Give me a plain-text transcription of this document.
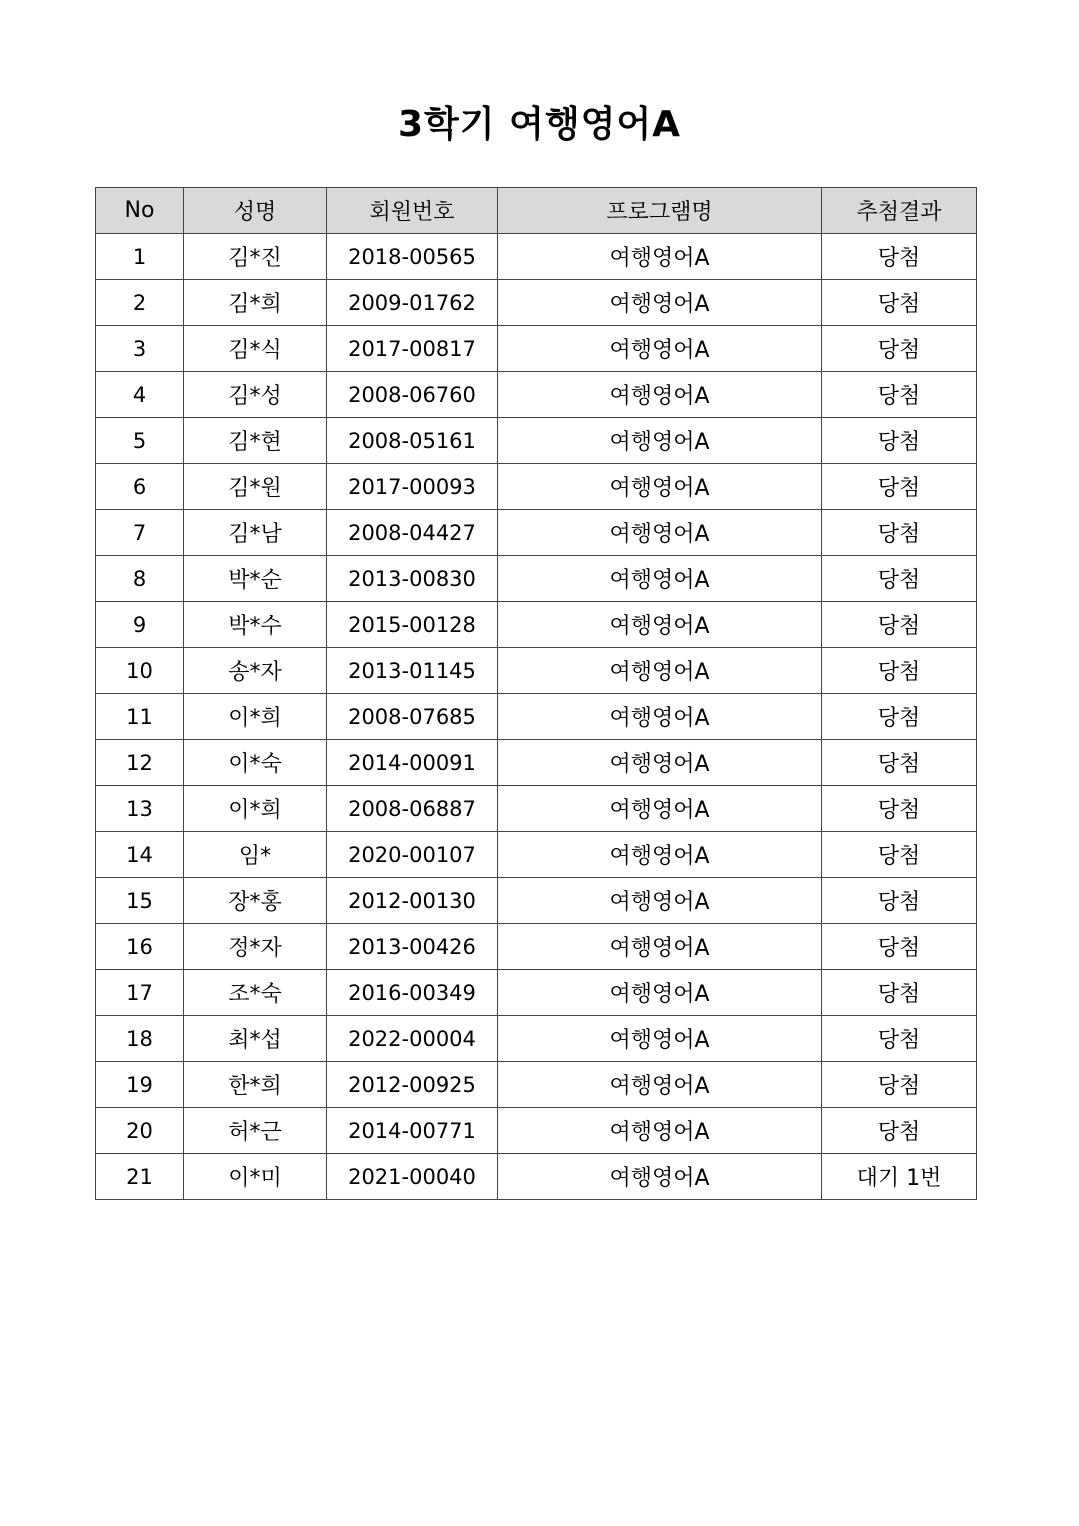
3학기 여행영어A
No	성명	회원번호	프로그램명	추첨결과
1	김*진	2018-00565	여행영어A	당첨
2	김*희	2009-01762	여행영어A	당첨
3	김*식	2017-00817	여행영어A	당첨
4	김*성	2008-06760	여행영어A	당첨
5	김*현	2008-05161	여행영어A	당첨
6	김*원	2017-00093	여행영어A	당첨
7	김*남	2008-04427	여행영어A	당첨
8	박*순	2013-00830	여행영어A	당첨
9	박*수	2015-00128	여행영어A	당첨
10	송*자	2013-01145	여행영어A	당첨
11	이*희	2008-07685	여행영어A	당첨
12	이*숙	2014-00091	여행영어A	당첨
13	이*희	2008-06887	여행영어A	당첨
14	임*	2020-00107	여행영어A	당첨
15	장*홍	2012-00130	여행영어A	당첨
16	정*자	2013-00426	여행영어A	당첨
17	조*숙	2016-00349	여행영어A	당첨
18	최*섭	2022-00004	여행영어A	당첨
19	한*희	2012-00925	여행영어A	당첨
20	허*근	2014-00771	여행영어A	당첨
21	이*미	2021-00040	여행영어A	대기 1번
